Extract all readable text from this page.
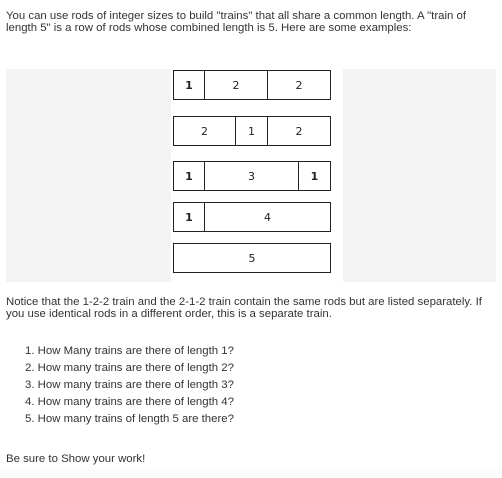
You can use rods of integer sizes to build "trains" that all share a common length. A "train of length 5" is a row of rods whose combined length is 5. Here are some examples:

1	2	2
2	1	2
1	3	1
1	4
5

Notice that the 1-2-2 train and the 2-1-2 train contain the same rods but are listed separately. If you use identical rods in a different order, this is a separate train.

1. How Many trains are there of length 1?
2. How many trains are there of length 2?
3. How many trains are there of length 3?
4. How many trains are there of length 4?
5. How many trains of length 5 are there?

Be sure to Show your work!
